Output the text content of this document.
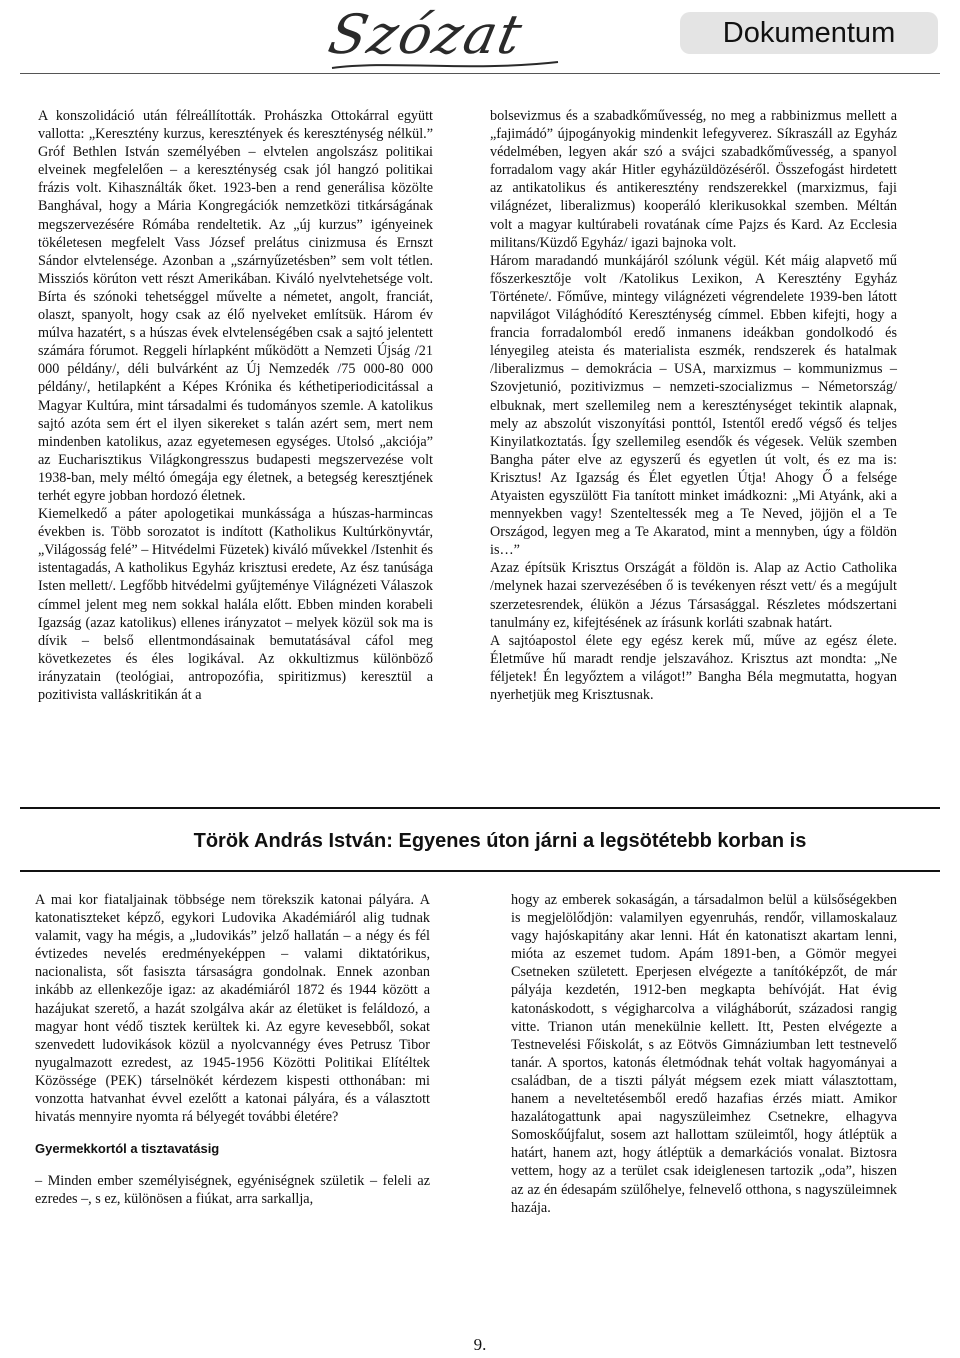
Szózat	Dokumentum

A konszolidáció után félreállították. Prohászka Ottokárral együtt vallotta: „Keresztény kurzus, keresztények és kereszténység nélkül.” Gróf Bethlen István személyében – elvtelen angolszász politikai elveinek megfelelően – a kereszténység csak jól hangzó politikai frázis volt. Kihasználták őket. 1923-ben a rend generálisa közölte Banghával, hogy a Mária Kongregációk nemzetközi titkárságának megszervezésére Rómába rendeltetik. Az „új kurzus” igényeinek tökéletesen megfelelt Vass József prelátus cinizmusa és Ernszt Sándor elvtelensége. Azonban a „szárnyűzetésben” sem volt tétlen. Missziós körúton vett részt Amerikában. Kiváló nyelvtehetsége volt. Bírta és szónoki tehetséggel művelte a németet, angolt, franciát, olaszt, spanyolt, hogy csak az élő nyelveket említsük. Három év múlva hazatért, s a húszas évek elvtelenségében csak a sajtó jelentett számára fórumot. Reggeli hírlapként működött a Nemzeti Újság /21 000 példány/, déli bulvárként az Új Nemzedék /75 000-80 000 példány/, hetilapként a Képes Krónika és kéthetiperiodicitással a Magyar Kultúra, mint társadalmi és tudományos szemle. A katolikus sajtó azóta sem ért el ilyen sikereket s talán azért sem, mert nem mindenben katolikus, azaz egyetemesen egységes. Utolsó „akciója” az Eucharisztikus Világkongresszus budapesti megszervezése volt 1938-ban, mely méltó ómegája egy életnek, a betegség keresztjének terhét egyre jobban hordozó életnek.

Kiemelkedő a páter apologetikai munkássága a húszas-harmincas években is. Több sorozatot is indított (Katholikus Kultúrkönyvtár, „Világosság felé” – Hitvédelmi Füzetek) kiváló művekkel /Istenhit és istentagadás, A katholikus Egyház krisztusi eredete, Az ész tanúsága Isten mellett/. Legfőbb hitvédelmi gyűjteménye Világnézeti Válaszok címmel jelent meg nem sokkal halála előtt. Ebben minden korabeli Igazság (azaz katolikus) ellenes irányzatot – melyek közül sok ma is dívik – belső ellentmondásainak bemutatásával cáfol meg következetes és éles logikával. Az okkultizmus különböző irányzatain (teológiai, antropozófia, spiritizmus) keresztül a pozitivista valláskritikán át a

bolsevizmus és a szabadkőművesség, no meg a rabbinizmus mellett a „fajimádó” újpogányokig mindenkit lefegyverez. Síkraszáll az Egyház védelmében, legyen akár szó a svájci szabadkőművesség, a spanyol forradalom vagy akár Hitler egyházüldözéséről. Összefogást hirdetett az antikatolikus és antikeresztény rendszerekkel (marxizmus, faji világnézet, liberalizmus) kooperáló klerikusokkal szemben. Méltán volt a magyar kultúrabeli rovatának címe Pajzs és Kard. Az Ecclesia militans/Küzdő Egyház/ igazi bajnoka volt.

Három maradandó munkájáról szólunk végül. Két máig alapvető mű főszerkesztője volt /Katolikus Lexikon, A Keresztény Egyház Története/. Főműve, mintegy világnézeti végrendelete 1939-ben látott napvilágot Világhódító Kereszténység címmel. Ebben kifejti, hogy a francia forradalomból eredő inmanens ideákban gondolkodó és lényegileg ateista és materialista eszmék, rendszerek és hatalmak /liberalizmus – demokrácia – USA, marxizmus – kommunizmus – Szovjetunió, pozitivizmus – nemzeti-szocializmus – Németország/ elbuknak, mert szellemileg nem a kereszténységet tekintik alapnak, mely az abszolút viszonyítási ponttól, Istentől eredő végső és teljes Kinyilatkoztatás. Így szellemileg esendők és végesek. Velük szemben Bangha páter elve az egyszerű és egyetlen út volt, és ez ma is: Krisztus! Az Igazság és Élet egyetlen Útja! Ahogy Ő a felsége Atyaisten egyszülött Fia tanított minket imádkozni: „Mi Atyánk, aki a mennyekben vagy! Szenteltessék meg a Te Neved, jöjjön el a Te Országod, legyen meg a Te Akaratod, mint a mennyben, úgy a földön is…”

Azaz építsük Krisztus Országát a földön is. Alap az Actio Catholika /melynek hazai szervezésében ő is tevékenyen részt vett/ és a megújult szerzetesrendek, élükön a Jézus Társasággal. Részletes módszertani tanulmány ez, kifejtésének az írásunk korláti szabnak határt.

A sajtóapostol élete egy egész kerek mű, műve az egész élete. Életműve hű maradt rendje jelszavához. Krisztus azt mondta: „Ne féljetek! Én legyőztem a világot!” Bangha Béla megmutatta, hogyan nyerhetjük meg Krisztusnak.

Török András István: Egyenes úton járni a legsötétebb korban is

A mai kor fiataljainak többsége nem törekszik katonai pályára. A katonatiszteket képző, egykori Ludovika Akadémiáról alig tudnak valamit, vagy ha mégis, a „ludovikás” jelző hallatán – a négy és fél évtizedes nevelés eredményeképpen – valami diktatórikus, nacionalista, sőt fasiszta társaságra gondolnak. Ennek azonban inkább az ellenkezője igaz: az akadémiáról 1872 és 1944 között a hazájukat szerető, a hazát szolgálva akár az életüket is feláldozó, a magyar hont védő tisztek kerültek ki. Az egyre kevesebből, sokat szenvedett ludovikások közül a nyolcvannégy éves Petrusz Tibor nyugalmazott ezredest, az 1945-1956 Közötti Politikai Elítéltek Közössége (PEK) társelnökét kérdezem kispesti otthonában: mi vonzotta hatvanhat évvel ezelőtt a katonai pályára, és a választott hivatás mennyire nyomta rá bélyegét további életére?

Gyermekkortól a tisztavatásig

– Minden ember személyiségnek, egyéniségnek születik – feleli az ezredes –, s ez, különösen a fiúkat, arra sarkallja,

hogy az emberek sokaságán, a társadalmon belül a külsőségekben is megjelölődjön: valamilyen egyenruhás, rendőr, villamoskalauz vagy hajóskapitány akar lenni. Hát én katonatiszt akartam lenni, mióta az eszemet tudom. Apám 1891-ben, a Gömör megyei Csetneken született. Eperjesen elvégezte a tanítóképzőt, de már pályája kezdetén, 1912-ben megkapta behívóját. Hat évig katonáskodott, s végigharcolva a világháborút, századosi rangig vitte. Trianon után menekülnie kellett. Itt, Pesten elvégezte a Testnevelési Főiskolát, s az Eötvös Gimnáziumban lett testnevelő tanár. A sportos, katonás életmódnak tehát voltak hagyományai a családban, de a tiszti pályát mégsem ezek miatt választottam, hanem a neveltetésemből eredő hazafias érzés miatt. Amikor hazalátogattunk apai nagyszüleimhez Csetnekre, elhagyva Somoskőújfalut, sosem azt hallottam szüleimtől, hogy átléptük a határt, hanem azt, hogy átléptük a demarkációs vonalat. Biztosra vettem, hogy az a terület csak ideiglenesen tartozik „oda”, hiszen az az én édesapám szülőhelye, felnevelő otthona, s nagyszüleimnek hazája.

9.
